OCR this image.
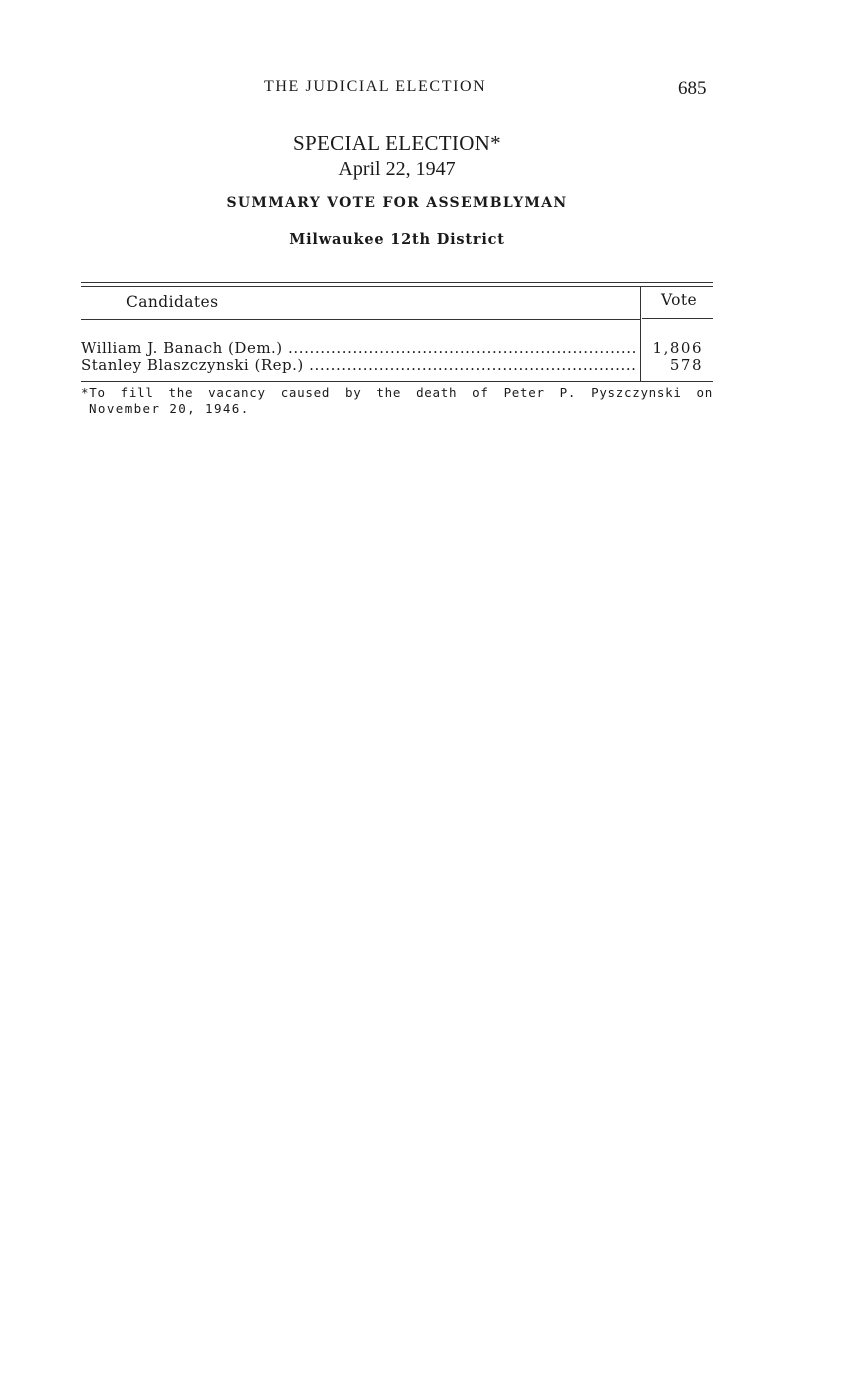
THE JUDICIAL ELECTION	685
SPECIAL ELECTION*
April 22, 1947
SUMMARY VOTE FOR ASSEMBLYMAN
Milwaukee 12th District
Candidates	Vote
William J. Banach (Dem.) .....	1,806
Stanley Blaszczynski (Rep.) .....	578
*To fill the vacancy caused by the death of Peter P. Pyszczynski on
November 20, 1946.
